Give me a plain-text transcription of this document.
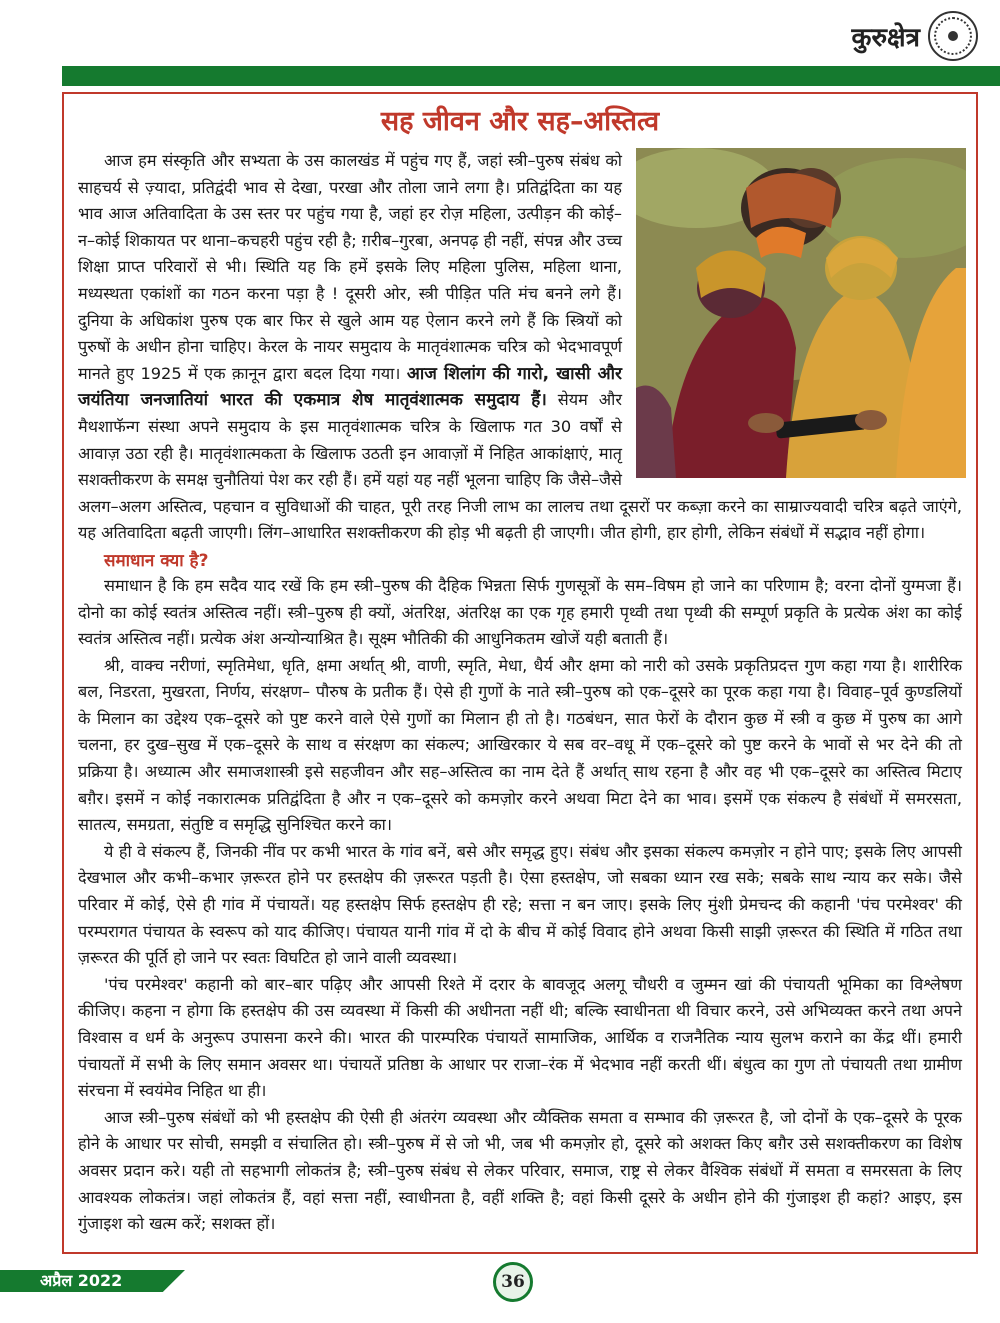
कुरुक्षेत्र
सह जीवन और सह–अस्तित्व

आज हम संस्कृति और सभ्यता के उस कालखंड में पहुंच गए हैं, जहां स्त्री–पुरुष संबंध को साहचर्य से ज़्यादा, प्रतिद्वंदी भाव से देखा, परखा और तोला जाने लगा है। प्रतिद्वंदिता का यह भाव आज अतिवादिता के उस स्तर पर पहुंच गया है, जहां हर रोज़ महिला, उत्पीड़न की कोई–न–कोई शिकायत पर थाना–कचहरी पहुंच रही है; ग़रीब–गुरबा, अनपढ़ ही नहीं, संपन्न और उच्च शिक्षा प्राप्त परिवारों से भी। स्थिति यह कि हमें इसके लिए महिला पुलिस, महिला थाना, मध्यस्थता एकांशों का गठन करना पड़ा है ! दूसरी ओर, स्त्री पीड़ित पति मंच बनने लगे हैं। दुनिया के अधिकांश पुरुष एक बार फिर से खुले आम यह ऐलान करने लगे हैं कि स्त्रियों को पुरुषों के अधीन होना चाहिए। केरल के नायर समुदाय के मातृवंशात्मक चरित्र को भेदभावपूर्ण मानते हुए 1925 में एक क़ानून द्वारा बदल दिया गया। आज शिलांग की गारो, खासी और जयंतिया जनजातियां भारत की एकमात्र शेष मातृवंशात्मक समुदाय हैं। सेयम और मैथशाफॅन्ग संस्था अपने समुदाय के इस मातृवंशात्मक चरित्र के खिलाफ गत 30 वर्षों से आवाज़ उठा रही है। मातृवंशात्मकता के खिलाफ उठती इन आवाज़ों में निहित आकांक्षाएं, मातृ सशक्तीकरण के समक्ष चुनौतियां पेश कर रही हैं। हमें यहां यह नहीं भूलना चाहिए कि जैसे–जैसे अलग–अलग अस्तित्व, पहचान व सुविधाओं की चाहत, पूरी तरह निजी लाभ का लालच तथा दूसरों पर कब्ज़ा करने का साम्राज्यवादी चरित्र बढ़ते जाएंगे, यह अतिवादिता बढ़ती जाएगी। लिंग–आधारित सशक्तीकरण की होड़ भी बढ़ती ही जाएगी। जीत होगी, हार होगी, लेकिन संबंधों में सद्भाव नहीं होगा।

समाधान क्या है?

समाधान है कि हम सदैव याद रखें कि हम स्त्री–पुरुष की दैहिक भिन्नता सिर्फ गुणसूत्रों के सम–विषम हो जाने का परिणाम है; वरना दोनों युग्मजा हैं। दोनो का कोई स्वतंत्र अस्तित्व नहीं। स्त्री–पुरुष ही क्यों, अंतरिक्ष, अंतरिक्ष का एक गृह हमारी पृथ्वी तथा पृथ्वी की सम्पूर्ण प्रकृति के प्रत्येक अंश का कोई स्वतंत्र अस्तित्व नहीं। प्रत्येक अंश अन्योन्याश्रित है। सूक्ष्म भौतिकी की आधुनिकतम खोजें यही बताती हैं।

श्री, वाक्च नरीणां, स्मृतिमेधा, धृति, क्षमा अर्थात् श्री, वाणी, स्मृति, मेधा, धैर्य और क्षमा को नारी को उसके प्रकृतिप्रदत्त गुण कहा गया है। शारीरिक बल, निडरता, मुखरता, निर्णय, संरक्षण– पौरुष के प्रतीक हैं। ऐसे ही गुणों के नाते स्त्री–पुरुष को एक–दूसरे का पूरक कहा गया है। विवाह–पूर्व कुण्डलियों के मिलान का उद्देश्य एक–दूसरे को पुष्ट करने वाले ऐसे गुणों का मिलान ही तो है। गठबंधन, सात फेरों के दौरान कुछ में स्त्री व कुछ में पुरुष का आगे चलना, हर दुख–सुख में एक–दूसरे के साथ व संरक्षण का संकल्प; आखिरकार ये सब वर–वधू में एक–दूसरे को पुष्ट करने के भावों से भर देने की तो प्रक्रिया है। अध्यात्म और समाजशास्त्री इसे सहजीवन और सह–अस्तित्व का नाम देते हैं अर्थात् साथ रहना है और वह भी एक–दूसरे का अस्तित्व मिटाए बग़ैर। इसमें न कोई नकारात्मक प्रतिद्वंदिता है और न एक–दूसरे को कमज़ोर करने अथवा मिटा देने का भाव। इसमें एक संकल्प है संबंधों में समरसता, सातत्य, समग्रता, संतुष्टि व समृद्धि सुनिश्चित करने का।

ये ही वे संकल्प हैं, जिनकी नींव पर कभी भारत के गांव बनें, बसे और समृद्ध हुए। संबंध और इसका संकल्प कमज़ोर न होने पाए; इसके लिए आपसी देखभाल और कभी–कभार ज़रूरत होने पर हस्तक्षेप की ज़रूरत पड़ती है। ऐसा हस्तक्षेप, जो सबका ध्यान रख सके; सबके साथ न्याय कर सके। जैसे परिवार में कोई, ऐसे ही गांव में पंचायतें। यह हस्तक्षेप सिर्फ हस्तक्षेप ही रहे; सत्ता न बन जाए। इसके लिए मुंशी प्रेमचन्द की कहानी 'पंच परमेश्वर' की परम्परागत पंचायत के स्वरूप को याद कीजिए। पंचायत यानी गांव में दो के बीच में कोई विवाद होने अथवा किसी साझी ज़रूरत की स्थिति में गठित तथा ज़रूरत की पूर्ति हो जाने पर स्वतः विघटित हो जाने वाली व्यवस्था।

'पंच परमेश्वर' कहानी को बार–बार पढ़िए और आपसी रिश्ते में दरार के बावजूद अलगू चौधरी व जुम्मन खां की पंचायती भूमिका का विश्लेषण कीजिए। कहना न होगा कि हस्तक्षेप की उस व्यवस्था में किसी की अधीनता नहीं थी; बल्कि स्वाधीनता थी विचार करने, उसे अभिव्यक्त करने तथा अपने विश्वास व धर्म के अनुरूप उपासना करने की। भारत की पारम्परिक पंचायतें सामाजिक, आर्थिक व राजनैतिक न्याय सुलभ कराने का केंद्र थीं। हमारी पंचायतों में सभी के लिए समान अवसर था। पंचायतें प्रतिष्ठा के आधार पर राजा–रंक में भेदभाव नहीं करती थीं। बंधुत्व का गुण तो पंचायती तथा ग्रामीण संरचना में स्वयंमेव निहित था ही।

आज स्त्री–पुरुष संबंधों को भी हस्तक्षेप की ऐसी ही अंतरंग व्यवस्था और व्यैक्तिक समता व सम्भाव की ज़रूरत है, जो दोनों के एक–दूसरे के पूरक होने के आधार पर सोची, समझी व संचालित हो। स्त्री–पुरुष में से जो भी, जब भी कमज़ोर हो, दूसरे को अशक्त किए बग़ैर उसे सशक्तीकरण का विशेष अवसर प्रदान करे। यही तो सहभागी लोकतंत्र है; स्त्री–पुरुष संबंध से लेकर परिवार, समाज, राष्ट्र से लेकर वैश्विक संबंधों में समता व समरसता के लिए आवश्यक लोकतंत्र। जहां लोकतंत्र हैं, वहां सत्ता नहीं, स्वाधीनता है, वहीं शक्ति है; वहां किसी दूसरे के अधीन होने की गुंजाइश ही कहां? आइए, इस गुंजाइश को खत्म करें; सशक्त हों।

अप्रैल 2022	36
